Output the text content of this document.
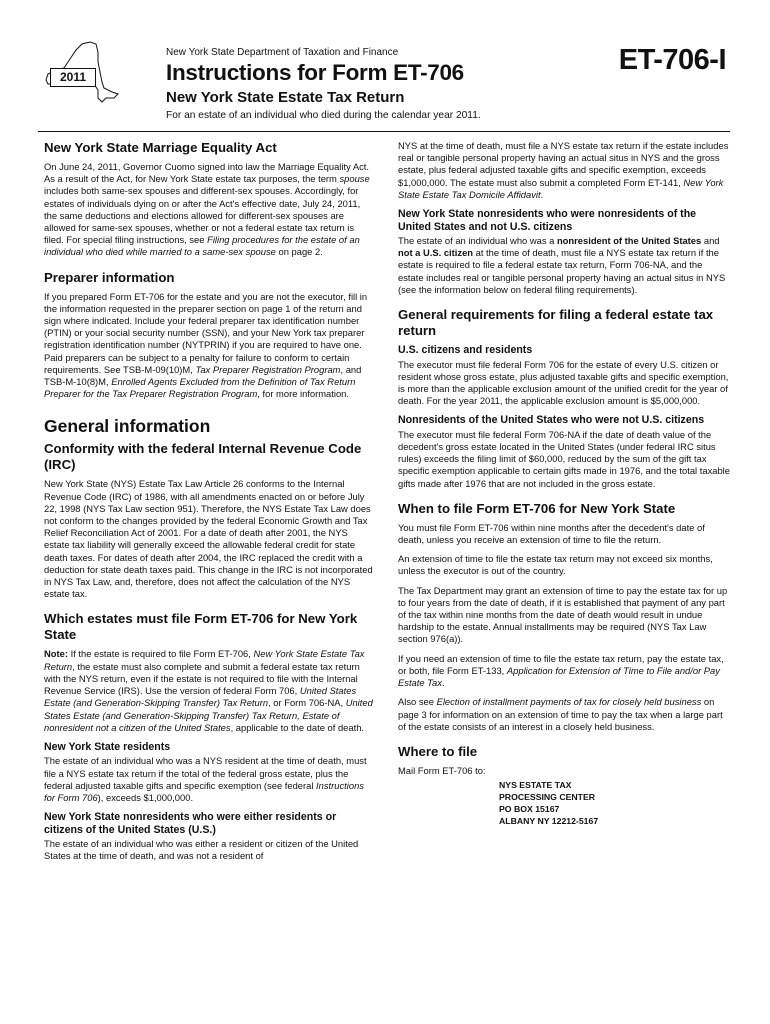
2011
New York State Department of Taxation and Finance
Instructions for Form ET-706
New York State Estate Tax Return
For an estate of an individual who died during the calendar year 2011.
ET-706-I
New York State Marriage Equality Act

On June 24, 2011, Governor Cuomo signed into law the Marriage Equality Act. As a result of the Act, for New York State estate tax purposes, the term spouse includes both same-sex spouses and different-sex spouses. Accordingly, for estates of individuals dying on or after the Act's effective date, July 24, 2011, the same deductions and elections allowed for different-sex spouses are allowed for same-sex spouses, whether or not a federal estate tax return is filed. For special filing instructions, see Filing procedures for the estate of an individual who died while married to a same-sex spouse on page 2.

Preparer information

If you prepared Form ET-706 for the estate and you are not the executor, fill in the information requested in the preparer section on page 1 of the return and sign where indicated. Include your federal preparer tax identification number (PTIN) or your social security number (SSN), and your New York tax preparer registration identification number (NYTPRIN) if you are required to have one. Paid preparers can be subject to a penalty for failure to conform to certain requirements. See TSB-M-09(10)M, Tax Preparer Registration Program, and TSB-M-10(8)M, Enrolled Agents Excluded from the Definition of Tax Return Preparer for the Tax Preparer Registration Program, for more information.

General information
Conformity with the federal Internal Revenue Code (IRC)

New York State (NYS) Estate Tax Law Article 26 conforms to the Internal Revenue Code (IRC) of 1986, with all amendments enacted on or before July 22, 1998 (NYS Tax Law section 951). Therefore, the NYS Estate Tax Law does not conform to the changes provided by the federal Economic Growth and Tax Relief Reconciliation Act of 2001. For a date of death after 2001, the NYS estate tax liability will generally exceed the allowable federal credit for state death taxes. For dates of death after 2004, the IRC replaced the credit with a deduction for state death taxes paid. This change in the IRC is not incorporated in NYS Tax Law, and, therefore, does not affect the calculation of the NYS estate tax.

Which estates must file Form ET-706 for New York State

Note: If the estate is required to file Form ET-706, New York State Estate Tax Return, the estate must also complete and submit a federal estate tax return with the NYS return, even if the estate is not required to file with the Internal Revenue Service (IRS). Use the version of federal Form 706, United States Estate (and Generation-Skipping Transfer) Tax Return, or Form 706-NA, United States Estate (and Generation-Skipping Transfer) Tax Return, Estate of nonresident not a citizen of the United States, applicable to the date of death.

New York State residents

The estate of an individual who was a NYS resident at the time of death, must file a NYS estate tax return if the total of the federal gross estate, plus the federal adjusted taxable gifts and specific exemption (see federal Instructions for Form 706), exceeds $1,000,000.

New York State nonresidents who were either residents or citizens of the United States (U.S.)

The estate of an individual who was either a resident or citizen of the United States at the time of death, and was not a resident of

NYS at the time of death, must file a NYS estate tax return if the estate includes real or tangible personal property having an actual situs in NYS and the gross estate, plus federal adjusted taxable gifts and specific exemption, exceeds $1,000,000. The estate must also submit a completed Form ET-141, New York State Estate Tax Domicile Affidavit.

New York State nonresidents who were nonresidents of the United States and not U.S. citizens

The estate of an individual who was a nonresident of the United States and not a U.S. citizen at the time of death, must file a NYS estate tax return if the estate is required to file a federal estate tax return, Form 706-NA, and the estate includes real or tangible personal property having an actual situs in NYS (see the information below on federal filing requirements).

General requirements for filing a federal estate tax return
U.S. citizens and residents

The executor must file federal Form 706 for the estate of every U.S. citizen or resident whose gross estate, plus adjusted taxable gifts and specific exemption, is more than the applicable exclusion amount of the unified credit for the year of death. For the year 2011, the applicable exclusion amount is $5,000,000.

Nonresidents of the United States who were not U.S. citizens

The executor must file federal Form 706-NA if the date of death value of the decedent's gross estate located in the United States (under federal IRC situs rules) exceeds the filing limit of $60,000, reduced by the sum of the gift tax specific exemption applicable to certain gifts made in 1976, and the total taxable gifts made after 1976 that are not included in the gross estate.

When to file Form ET-706 for New York State

You must file Form ET-706 within nine months after the decedent's date of death, unless you receive an extension of time to file the return.

An extension of time to file the estate tax return may not exceed six months, unless the executor is out of the country.

The Tax Department may grant an extension of time to pay the estate tax for up to four years from the date of death, if it is established that payment of any part of the tax within nine months from the date of death would result in undue hardship to the estate. Annual installments may be required (NYS Tax Law section 976(a)).

If you need an extension of time to file the estate tax return, pay the estate tax, or both, file Form ET-133, Application for Extension of Time to File and/or Pay Estate Tax.

Also see Election of installment payments of tax for closely held business on page 3 for information on an extension of time to pay the tax when a large part of the estate consists of an interest in a closely held business.

Where to file

Mail Form ET-706 to:

NYS ESTATE TAX
PROCESSING CENTER
PO BOX 15167
ALBANY NY 12212-5167
